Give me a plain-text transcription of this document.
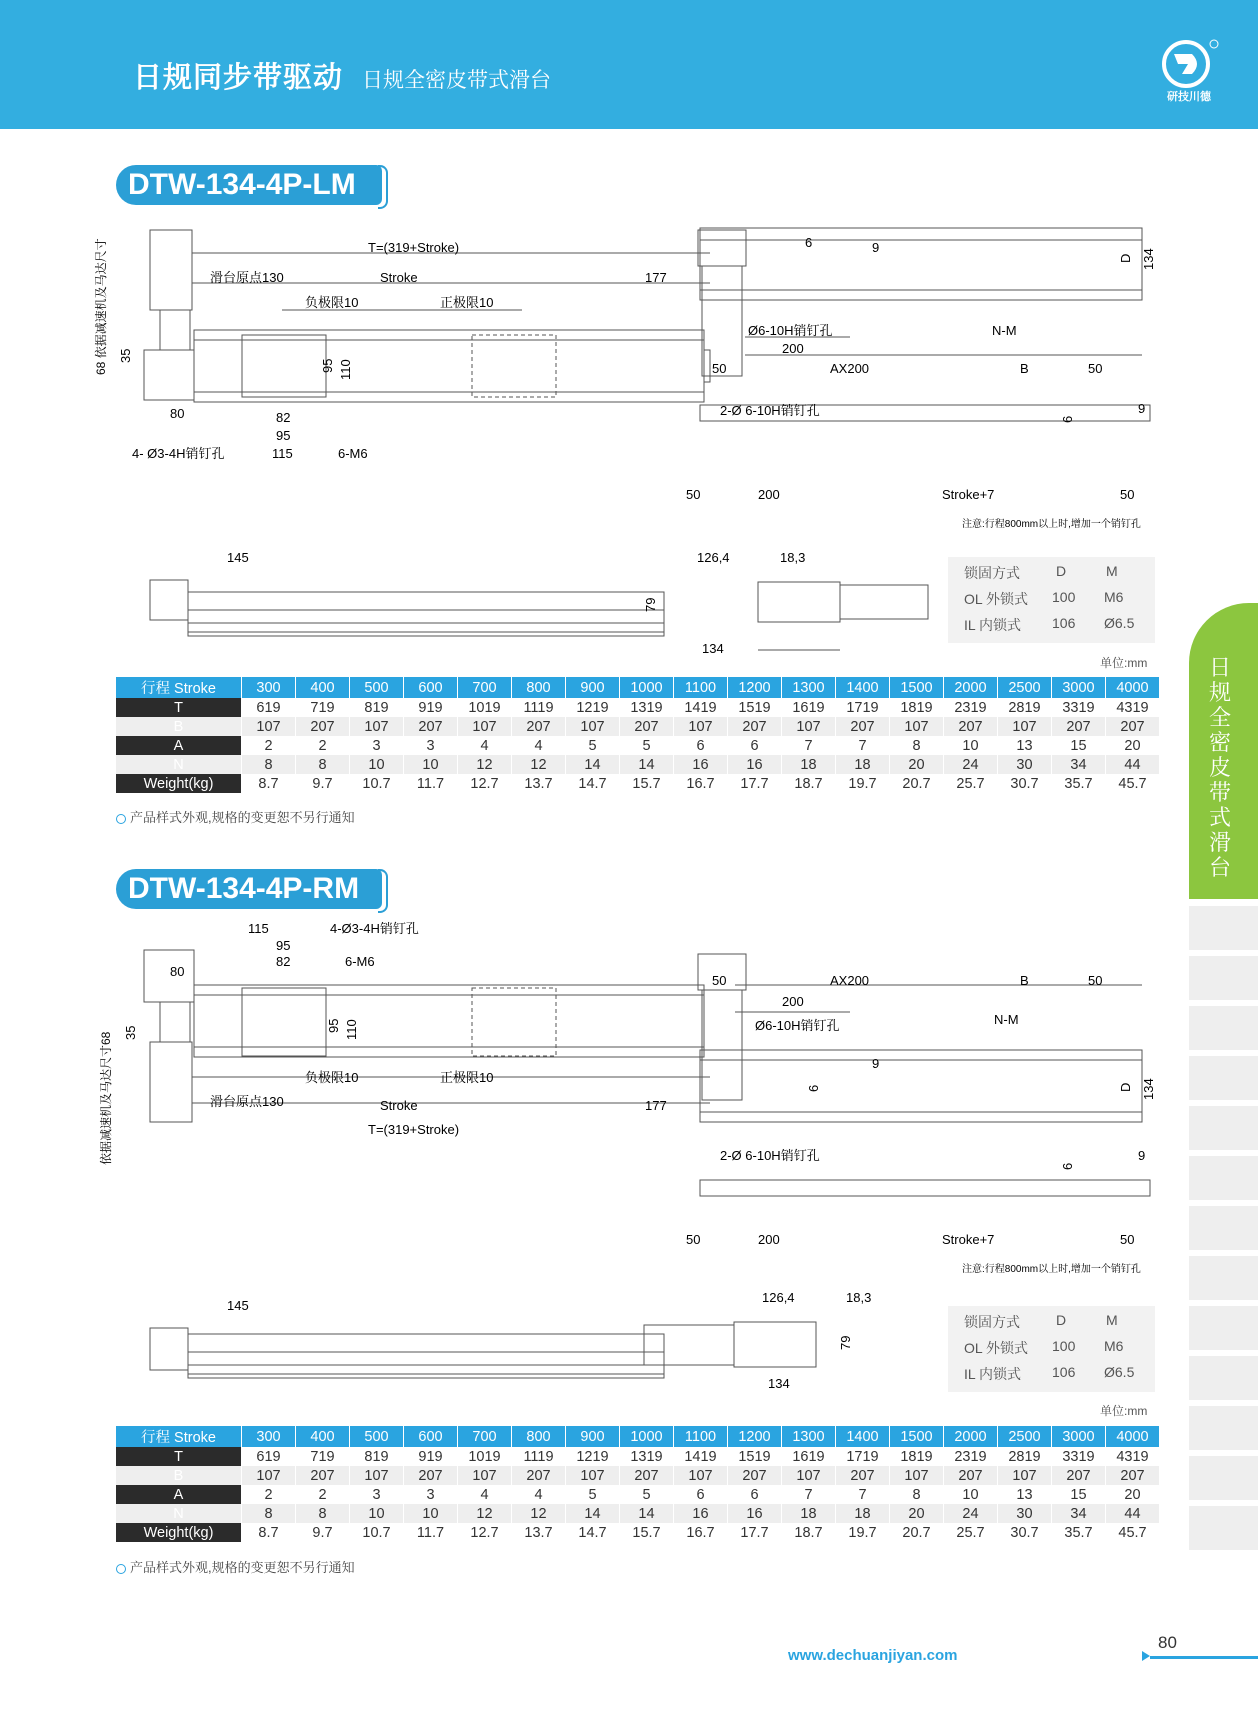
日规同步带驱动 日规全密皮带式滑台
研技川德
日规全密皮带式滑台
DTW-134-4P-LM
T=(319+Stroke)
滑台原点130	Stroke	177
负极限10	正极限10
68 依据减速机及马达尺寸 35
80	82
95
115
95 110
4- Ø3-4H销钉孔	6-M6
6	9
D 134
Ø6-10H销钉孔	N-M
200
50	AX200	B	50
2-Ø 6-10H销钉孔	9
6
50	200	Stroke+7	50
注意:行程800mm以上时,增加一个销钉孔
145	126,4	18,3
79
134
锁固方式	D	M
OL 外锁式 100 M6
IL 内锁式 106 Ø6.5
单位:mm
行程 Stroke	300	400	500	600	700	800	900	1000	1100	1200	1300	1400	1500	2000	2500	3000	4000
T	619	719	819	919	1019	1119	1219	1319	1419	1519	1619	1719	1819	2319	2819	3319	4319
B	107	207	107	207	107	207	107	207	107	207	107	207	107	207	107	207	207
A	2	2	3	3	4	4	5	5	6	6	7	7	8	10	13	15	20
N	8	8	10	10	12	12	14	14	16	16	18	18	20	24	30	34	44
Weight(kg)	8.7	9.7	10.7	11.7	12.7	13.7	14.7	15.7	16.7	17.7	18.7	19.7	20.7	25.7	30.7	35.7	45.7
产品样式外观,规格的变更恕不另行通知
DTW-134-4P-RM
115	4-Ø3-4H销钉孔
95
82	6-M6
80
依据减速机及马达尺寸68 35	95 110
负极限10	正极限10
滑台原点130	Stroke	177
T=(319+Stroke)
50	AX200	B	50
200
Ø6-10H销钉孔	N-M
9
6	D 134
2-Ø 6-10H销钉孔	9
6
50	200	Stroke+7	50
注意:行程800mm以上时,增加一个销钉孔
145
126,4	18,3
79
134
锁固方式	D	M
OL 外锁式 100 M6
IL 内锁式 106 Ø6.5
单位:mm
行程 Stroke	300	400	500	600	700	800	900	1000	1100	1200	1300	1400	1500	2000	2500	3000	4000
T	619	719	819	919	1019	1119	1219	1319	1419	1519	1619	1719	1819	2319	2819	3319	4319
B	107	207	107	207	107	207	107	207	107	207	107	207	107	207	107	207	207
A	2	2	3	3	4	4	5	5	6	6	7	7	8	10	13	15	20
N	8	8	10	10	12	12	14	14	16	16	18	18	20	24	30	34	44
Weight(kg)	8.7	9.7	10.7	11.7	12.7	13.7	14.7	15.7	16.7	17.7	18.7	19.7	20.7	25.7	30.7	35.7	45.7
产品样式外观,规格的变更恕不另行通知
www.dechuanjiyan.com
80
